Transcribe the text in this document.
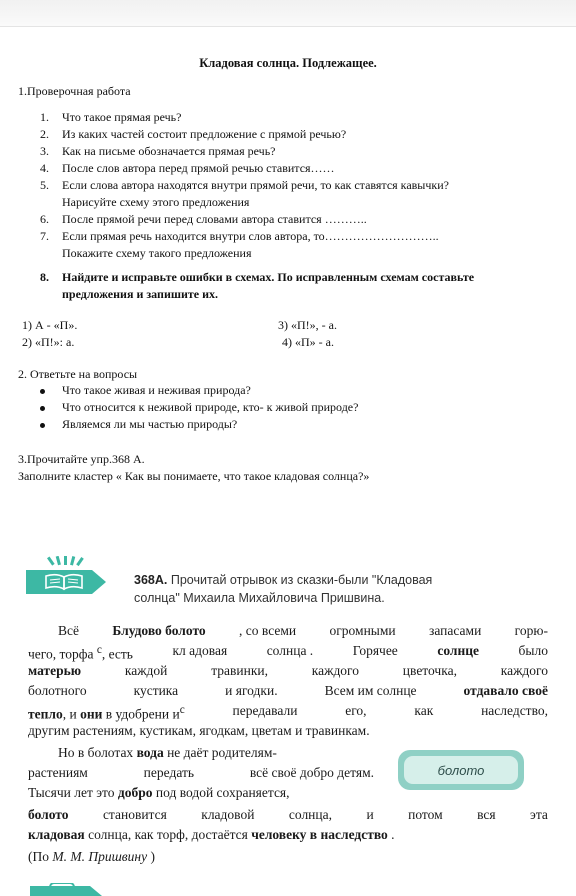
Кладовая солнца. Подлежащее.
1.Проверочная работа
1. Что такое прямая речь?
2. Из каких частей состоит предложение с прямой речью?
3. Как на письме обозначается прямая речь?
4. После слов автора перед прямой речью ставится……
5. Если слова автора находятся внутри прямой речи, то как ставятся кавычки?
Нарисуйте схему этого предложения
6. После прямой речи перед словами автора ставится ………..
7. Если прямая речь находится внутри слов автора, то………………………..
Покажите схему такого предложения
8. Найдите и исправьте ошибки в схемах. По исправленным схемам составьте
предложения и запишите их.
1) А - «П».
2) «П!»: а.
3) «П!», - а.
4) «П» - а.
2. Ответьте на вопросы
Что такое живая и неживая природа?
Что относится к неживой природе, кто- к живой природе?
Являемся ли мы частью природы?
3.Прочитайте упр.368 А.
Заполните кластер « Как вы понимаете, что такое кладовая солнца?»
368А. Прочитай отрывок из сказки-были "Кладовая
солнца" Михаила Михайловича Пришвина.
Всё Блудово болото , со всеми огромными запасами горю-
чего, торфа $^с$, есть	кл адовая	солнца .	Горячее	солнце	было
матерью	каждой	травинки,	каждого	цветочка,	каждого
болотного	кустика	и ягодки.	Всем им солнце	отдавало своё
тепло, и они в удобрени $и^с$	передавали	его,	как	наследство,
другим растениям, кустикам, ягодкам, цветам и травинкам.
Но в болотах вода не даёт родителям-
растениям	передать	всё своё добро детям.
Тысячи лет это добро под водой сохраняется,
болото	становится	кладовой	солнца,	и	потом	вся	эта
кладовая солнца, как торф, достаётся человеку в наследство .
(По М. М. Пришвину )
болото
